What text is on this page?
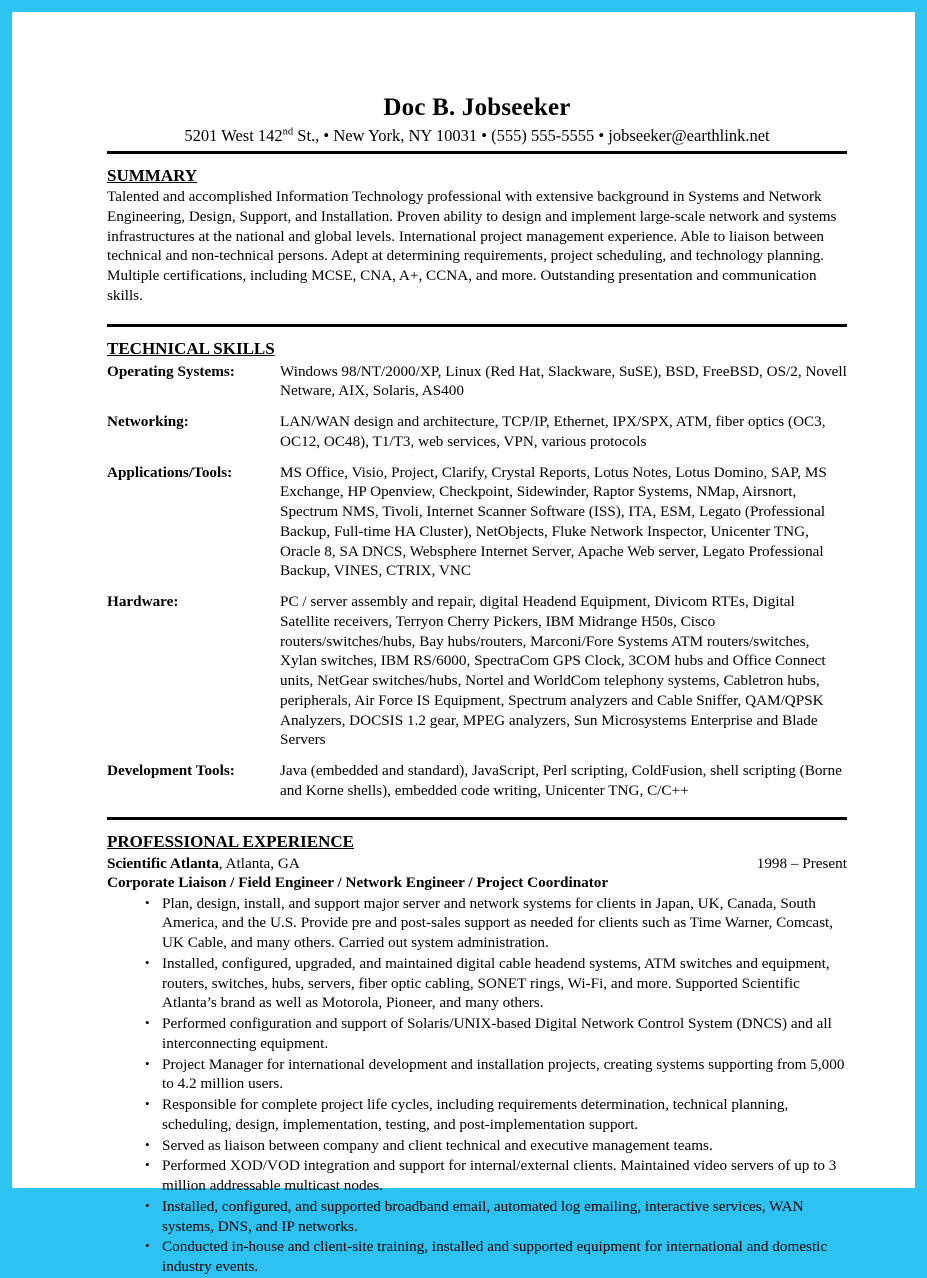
Doc B. Jobseeker
5201 West 142nd St., • New York, NY 10031 • (555) 555-5555 • jobseeker@earthlink.net
SUMMARY
Talented and accomplished Information Technology professional with extensive background in Systems and Network Engineering, Design, Support, and Installation. Proven ability to design and implement large-scale network and systems infrastructures at the national and global levels. International project management experience. Able to liaison between technical and non-technical persons. Adept at determining requirements, project scheduling, and technology planning. Multiple certifications, including MCSE, CNA, A+, CCNA, and more. Outstanding presentation and communication skills.
TECHNICAL SKILLS
Operating Systems:	Windows 98/NT/2000/XP, Linux (Red Hat, Slackware, SuSE), BSD, FreeBSD, OS/2, Novell Netware, AIX, Solaris, AS400
Networking:	LAN/WAN design and architecture, TCP/IP, Ethernet, IPX/SPX, ATM, fiber optics (OC3, OC12, OC48), T1/T3, web services, VPN, various protocols
Applications/Tools:	MS Office, Visio, Project, Clarify, Crystal Reports, Lotus Notes, Lotus Domino, SAP, MS Exchange, HP Openview, Checkpoint, Sidewinder, Raptor Systems, NMap, Airsnort, Spectrum NMS, Tivoli, Internet Scanner Software (ISS), ITA, ESM, Legato (Professional Backup, Full-time HA Cluster), NetObjects, Fluke Network Inspector, Unicenter TNG, Oracle 8, SA DNCS, Websphere Internet Server, Apache Web server, Legato Professional Backup, VINES, CTRIX, VNC
Hardware:	PC / server assembly and repair, digital Headend Equipment, Divicom RTEs, Digital Satellite receivers, Terryon Cherry Pickers, IBM Midrange H50s, Cisco routers/switches/hubs, Bay hubs/routers, Marconi/Fore Systems ATM routers/switches, Xylan switches, IBM RS/6000, SpectraCom GPS Clock, 3COM hubs and Office Connect units, NetGear switches/hubs, Nortel and WorldCom telephony systems, Cabletron hubs, peripherals, Air Force IS Equipment, Spectrum analyzers and Cable Sniffer, QAM/QPSK Analyzers, DOCSIS 1.2 gear, MPEG analyzers, Sun Microsystems Enterprise and Blade Servers
Development Tools:	Java (embedded and standard), JavaScript, Perl scripting, ColdFusion, shell scripting (Borne and Korne shells), embedded code writing, Unicenter TNG, C/C++
PROFESSIONAL EXPERIENCE
Scientific Atlanta, Atlanta, GA	1998 – Present
Corporate Liaison / Field Engineer / Network Engineer / Project Coordinator
• Plan, design, install, and support major server and network systems for clients in Japan, UK, Canada, South America, and the U.S. Provide pre and post-sales support as needed for clients such as Time Warner, Comcast, UK Cable, and many others. Carried out system administration.
• Installed, configured, upgraded, and maintained digital cable headend systems, ATM switches and equipment, routers, switches, hubs, servers, fiber optic cabling, SONET rings, Wi-Fi, and more. Supported Scientific Atlanta’s brand as well as Motorola, Pioneer, and many others.
• Performed configuration and support of Solaris/UNIX-based Digital Network Control System (DNCS) and all interconnecting equipment.
• Project Manager for international development and installation projects, creating systems supporting from 5,000 to 4.2 million users.
• Responsible for complete project life cycles, including requirements determination, technical planning, scheduling, design, implementation, testing, and post-implementation support.
• Served as liaison between company and client technical and executive management teams.
• Performed XOD/VOD integration and support for internal/external clients. Maintained video servers of up to 3 million addressable multicast nodes.
• Installed, configured, and supported broadband email, automated log emailing, interactive services, WAN systems, DNS, and IP networks.
• Conducted in-house and client-site training, installed and supported equipment for international and domestic industry events.
